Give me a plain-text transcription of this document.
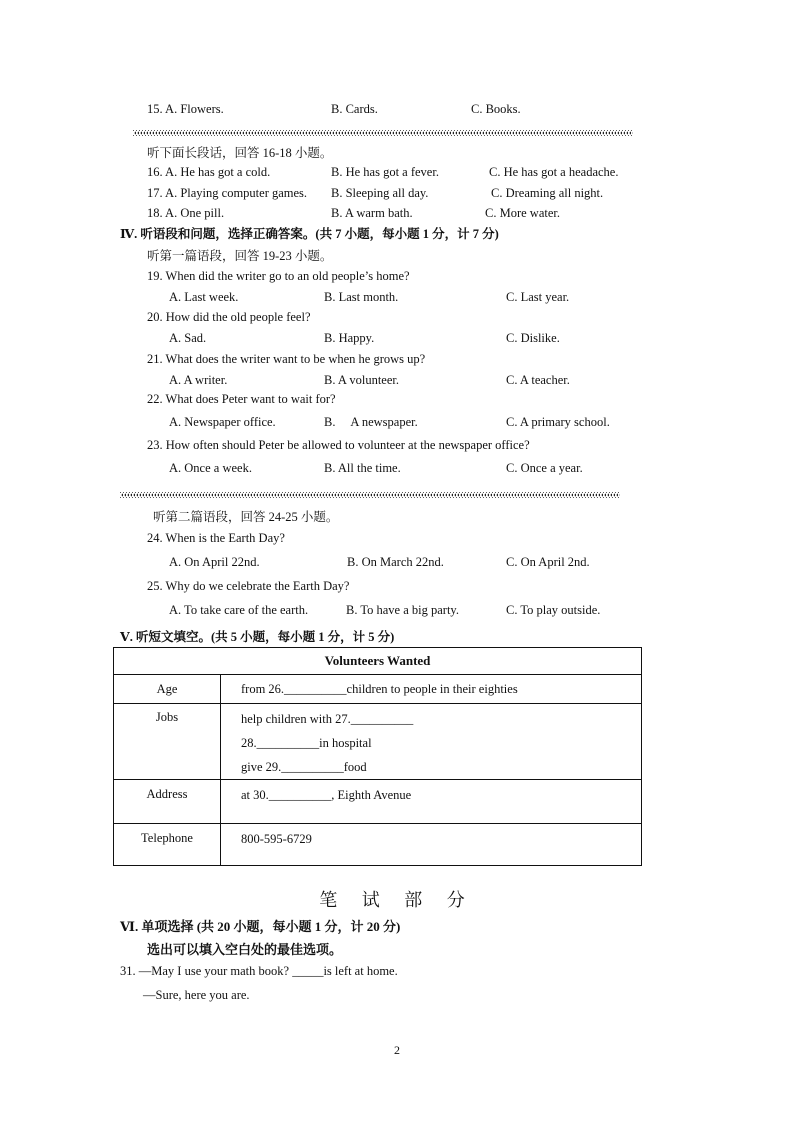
15. A. Flowers.	B. Cards.	C. Books.
听下面长段话，回答 16-18 小题。
16. A. He has got a cold.	B. He has got a fever.	C. He has got a headache.
17. A. Playing computer games. B. Sleeping all day.	C. Dreaming all night.
18. A. One pill.	B. A warm bath.	C. More water.
Ⅳ. 听语段和问题，选择正确答案。(共 7 小题，每小题 1 分，计 7 分)
听第一篇语段，回答 19-23 小题。
19. When did the writer go to an old people’s home?
A. Last week.	B. Last month.	C. Last year.
20. How did the old people feel?
A. Sad.	B. Happy.	C. Dislike.
21. What does the writer want to be when he grows up?
A. A writer.	B. A volunteer.	C. A teacher.
22. What does Peter want to wait for?
A. Newspaper office.	B.     A newspaper.	C. A primary school.
23. How often should Peter be allowed to volunteer at the newspaper office?
A. Once a week.	B. All the time.	C. Once a year.
听第二篇语段，回答 24-25 小题。
24. When is the Earth Day?
A. On April 22nd.	B. On March 22nd.	C. On April 2nd.
25. Why do we celebrate the Earth Day?
A. To take care of the earth.	B. To have a big party.	C. To play outside.
Ⅴ. 听短文填空。(共 5 小题，每小题 1 分，计 5 分)
Volunteers Wanted	
Age	from 26.__________children to people in their eighties

Jobs	help children with 27.__________
28.__________in hospital
give 29.__________food

Address	at 30.__________, Eighth Avenue

Telephone	800-595-6729
笔 试 部 分
Ⅵ. 单项选择 (共 20 小题，每小题 1 分，计 20 分)
选出可以填入空白处的最佳选项。
31. —May I use your math book? _____is left at home.
—Sure, here you are.
2
